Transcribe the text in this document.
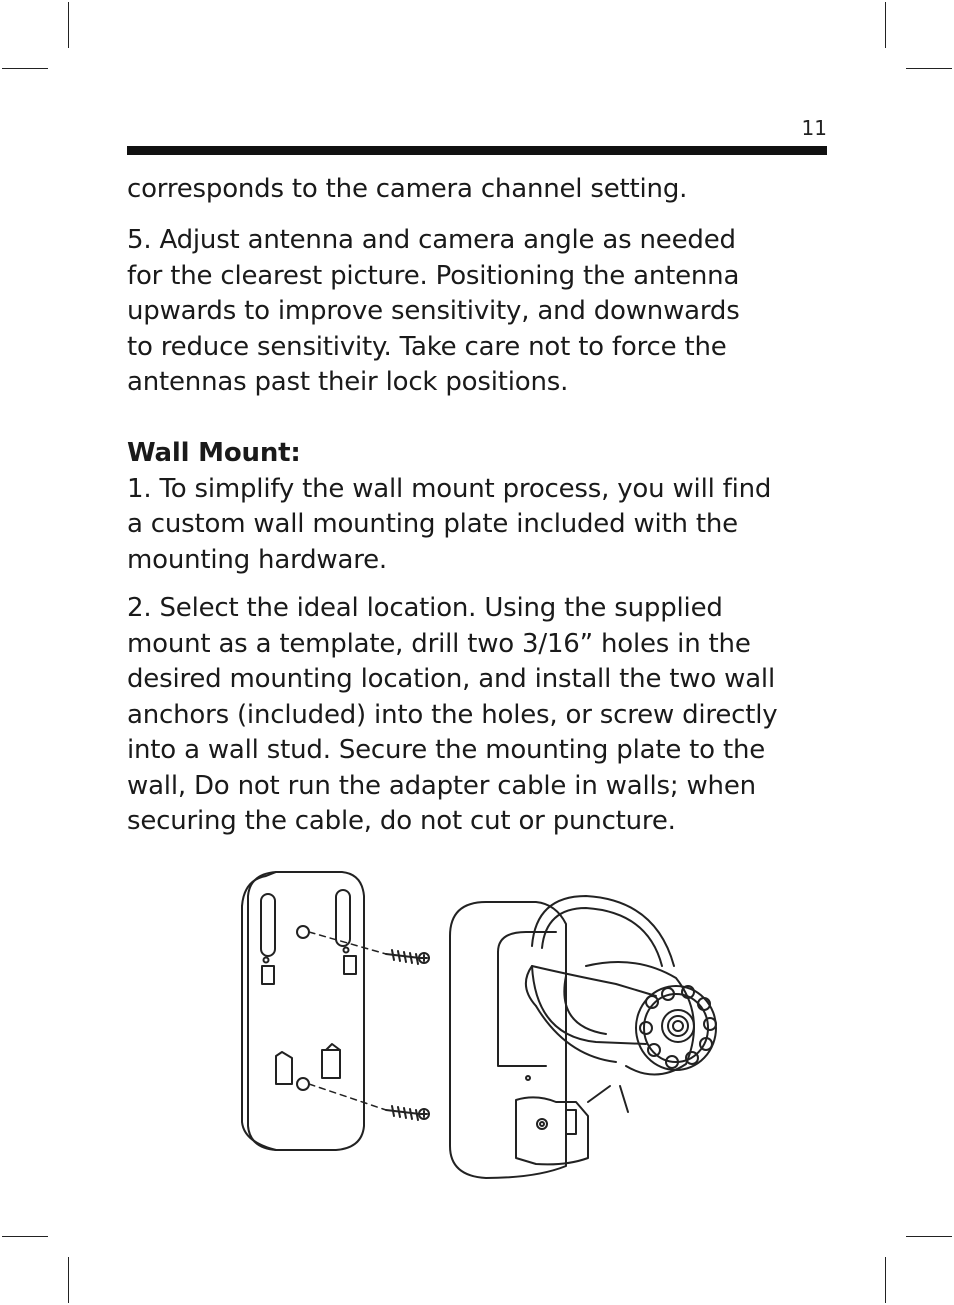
11

corresponds to the camera channel setting.

5. Adjust antenna and camera angle as needed
for the clearest picture. Positioning the antenna
upwards to improve sensitivity, and downwards
to reduce sensitivity. Take care not to force the
antennas past their lock positions.

Wall Mount:

1. To simplify the wall mount process, you will find
a custom wall mounting plate included with the
mounting hardware.

2. Select the ideal location. Using the supplied
mount as a template, drill two 3/16” holes in the
desired mounting location, and install the two wall
anchors (included) into the holes, or screw directly
into a wall stud. Secure the mounting plate to the
wall, Do not run the adapter cable in walls; when
securing the cable, do not cut or puncture.
